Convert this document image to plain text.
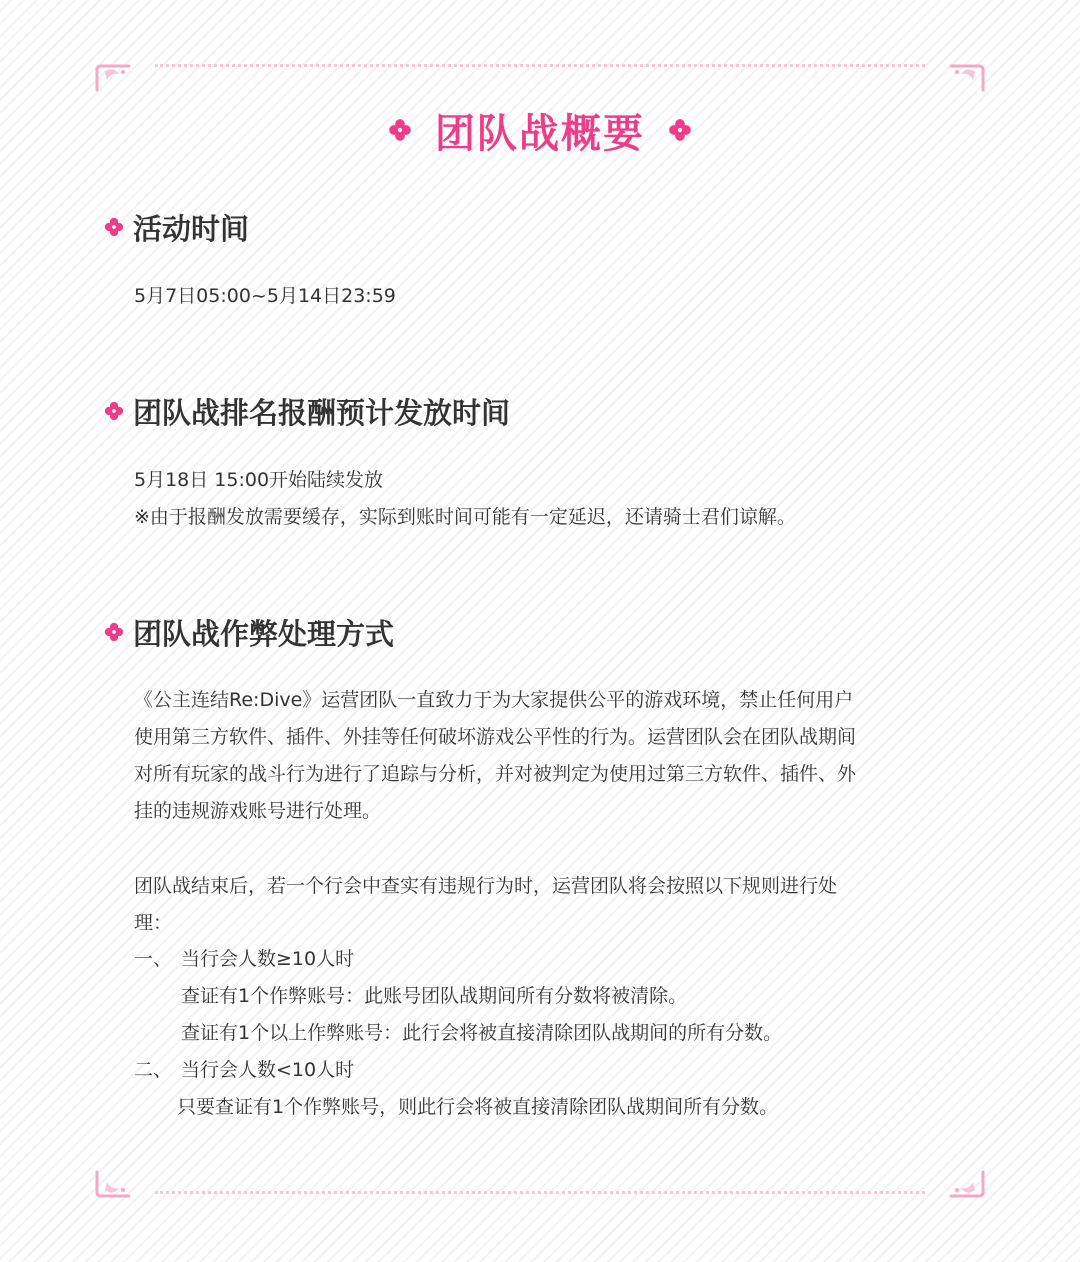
团队战概要
活动时间

5月7日05:00~5月14日23:59

团队战排名报酬预计发放时间

5月18日 15:00开始陆续发放

※由于报酬发放需要缓存，实际到账时间可能有一定延迟，还请骑士君们谅解。

团队战作弊处理方式

《公主连结Re:Dive》运营团队一直致力于为大家提供公平的游戏环境，禁止任何用户

使用第三方软件、插件、外挂等任何破坏游戏公平性的行为。运营团队会在团队战期间

对所有玩家的战斗行为进行了追踪与分析，并对被判定为使用过第三方软件、插件、外

挂的违规游戏账号进行处理。

团队战结束后，若一个行会中查实有违规行为时，运营团队将会按照以下规则进行处

理：

一、 当行会人数≥10人时

查证有1个作弊账号：此账号团队战期间所有分数将被清除。

查证有1个以上作弊账号：此行会将被直接清除团队战期间的所有分数。

二、 当行会人数<10人时

只要查证有1个作弊账号，则此行会将被直接清除团队战期间所有分数。
